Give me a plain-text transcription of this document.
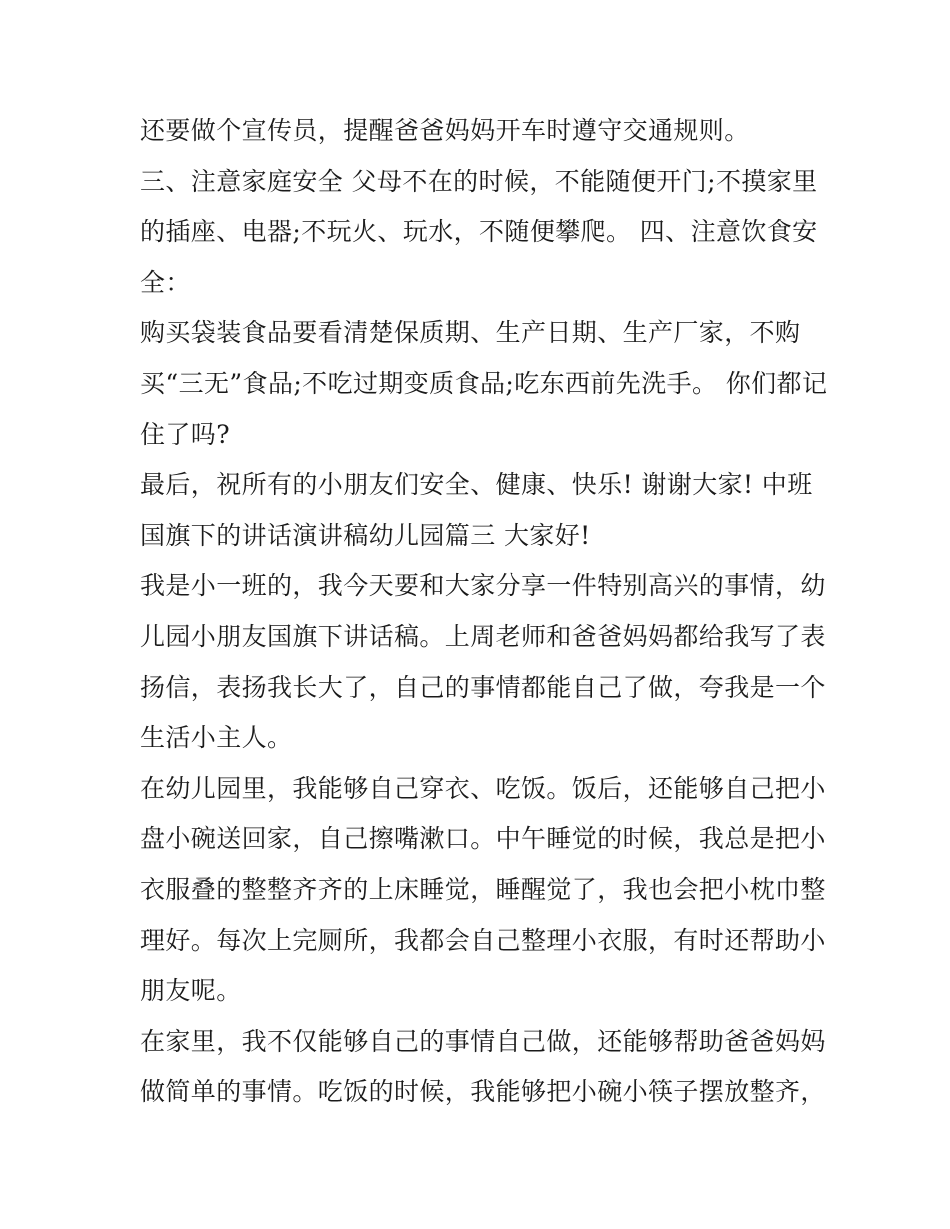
还要做个宣传员，提醒爸爸妈妈开车时遵守交通规则。
三、注意家庭安全 父母不在的时候，不能随便开门;不摸家里
的插座、电器;不玩火、玩水，不随便攀爬。 四、注意饮食安
全：
购买袋装食品要看清楚保质期、生产日期、生产厂家，不购
买“三无”食品;不吃过期变质食品;吃东西前先洗手。 你们都记
住了吗?
最后，祝所有的小朋友们安全、健康、快乐! 谢谢大家! 中班
国旗下的讲话演讲稿幼儿园篇三 大家好!
我是小一班的，我今天要和大家分享一件特别高兴的事情，幼
儿园小朋友国旗下讲话稿。上周老师和爸爸妈妈都给我写了表
扬信，表扬我长大了，自己的事情都能自己了做，夸我是一个
生活小主人。
在幼儿园里，我能够自己穿衣、吃饭。饭后，还能够自己把小
盘小碗送回家，自己擦嘴漱口。中午睡觉的时候，我总是把小
衣服叠的整整齐齐的上床睡觉，睡醒觉了，我也会把小枕巾整
理好。每次上完厕所，我都会自己整理小衣服，有时还帮助小
朋友呢。
在家里，我不仅能够自己的事情自己做，还能够帮助爸爸妈妈
做简单的事情。吃饭的时候，我能够把小碗小筷子摆放整齐，
